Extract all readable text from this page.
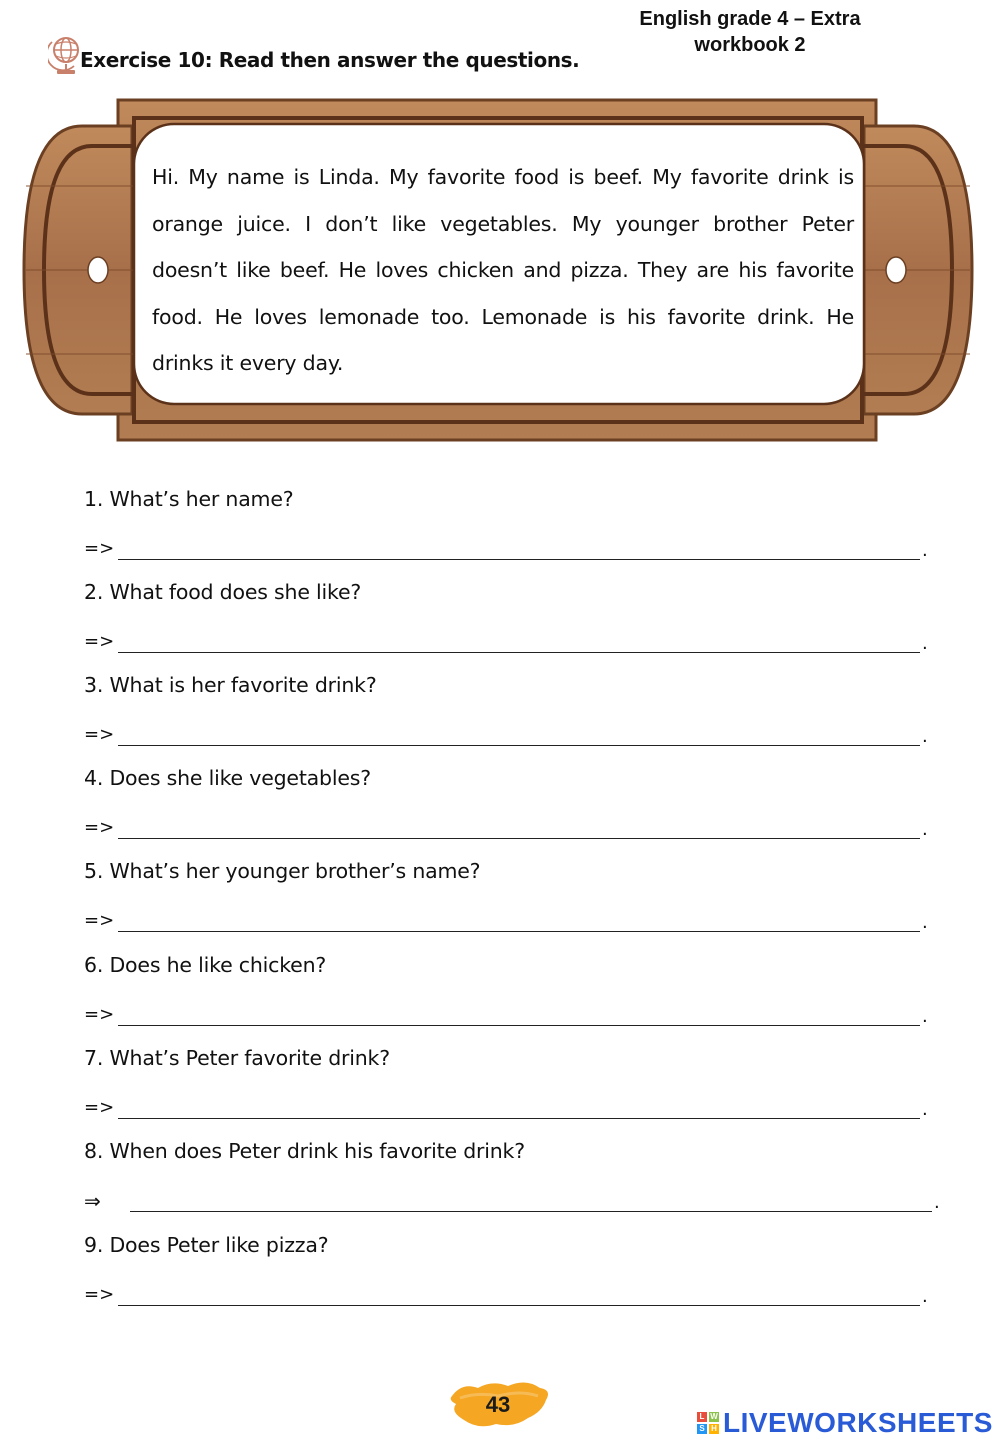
English grade 4 – Extra
workbook 2
Exercise 10: Read then answer the questions.
Hi. My name is Linda. My favorite food is beef. My favorite drink is orange juice. I don’t like vegetables. My younger brother Peter doesn’t like beef. He loves chicken and pizza. They are his favorite food. He loves lemonade too. Lemonade is his favorite drink. He drinks it every day.
1. What’s her name?
=>	.
2. What food does she like?
=>	.
3. What is her favorite drink?
=>	.
4. Does she like vegetables?
=>	.
5. What’s her younger brother’s name?
=>	.
6. Does he like chicken?
=>	.
7. What’s Peter favorite drink?
=>	.
8. When does Peter drink his favorite drink?
⇒	.
9. Does Peter like pizza?
=>	.
43	L W
S H LIVEWORKSHEETS
